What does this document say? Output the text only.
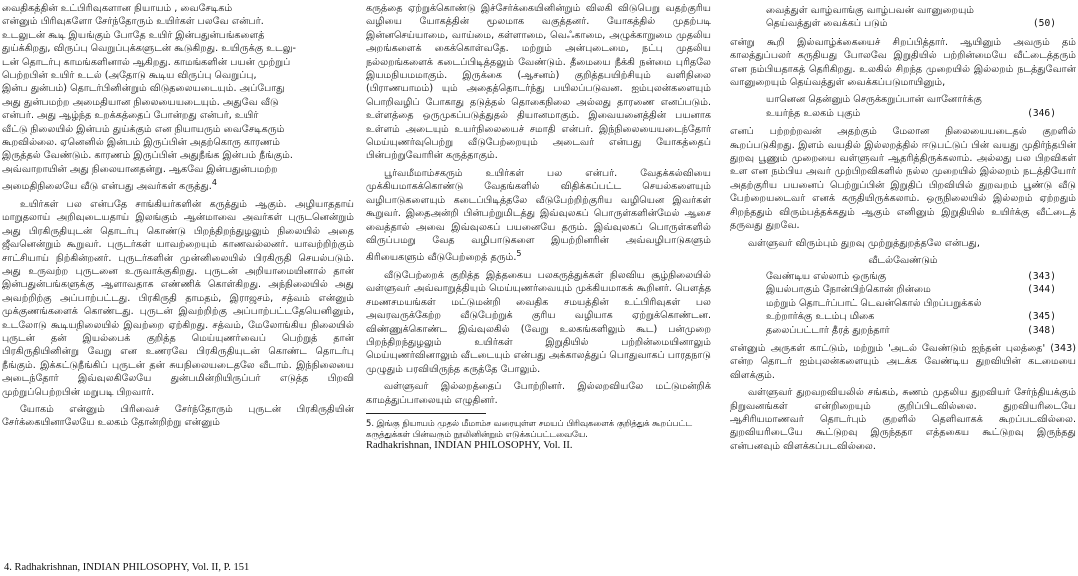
வைதிகத்தின் உட்பிரிவுகளான நியாயம் , வைசேடிகம்
என்னும் பிரிவுகளோ சேர்ந்தோரும் உயிர்கள் பலவே என்பர்.
உடலுடன் கூடி இயங்கும் போதே உயிர் இன்பதுன்பங்களைத்
துய்க்கிறது, விருப்பு வெறுப்புக்களுடன் கூடுகிறது. உயிருக்கு உடலு-
டன் தொடர்பு காமங்களினால் ஆகிறது. காமங்களின் பயன் முற்றுப்
பெற்றபின் உயிர் உடல் (அதோடு கூடிய விருப்பு வெறுப்பு,
இன்ப துன்பம்) தொடர்பினின்றும் விடுதலையடையும். அப்போது
அது துன்பமற்ற அமைதியான நிலையையடையும். அதுவே வீடு
என்பர். அது ஆழ்ந்த உறக்கத்தைப் போன்றது என்பர், உயிர்
வீட்டு நிலையில் இன்பம் துய்க்கும் என நியாயரும் வைசேடிகரும்
கூறவில்லை. ஏனெனில் இன்பம் இருப்பின் அதற்கொரு காரணம்
இருத்தல் வேண்டும். காரணம் இருப்பின் அதுநீங்க இன்பம் நீங்கும்.
அவ்வாறாயின் அது நிலையானதன்று. ஆகவே இன்பதுன்பமற்ற
அமைதிநிலையே வீடு என்பது அவர்கள் கருத்து.$^4$

உயிர்கள் பல என்பதே சாங்கியர்களின் கருத்தும் ஆகும். அழியாததாய் மாறுதலாய் அறிவுடையதாய் இலங்கும் ஆன்மாவை அவர்கள் புருடனென்றும் அது பிரகிருதியுடன் தொடர்பு கொண்டு பிறந்திறந்துழலும் நிலையில் அதை ஜீவனென்றும் கூறுவர். புருடர்கள் யாவற்றையும் காணவல்லனர். யாவற்றிற்கும் சாட்சியாய் நிற்கின்றனர். புருடர்களின் முன்னிலையில் பிரகிருதி செயல்படும். அது உருவற்ற புருடனை உருவாக்குகிறது. புருடன் அறியாமையினால் தான் இன்பதுன்பங்களுக்கு ஆளாவதாக எண்ணிக் கொள்கிறது. அந்நிலையில் அது அவற்றிற்கு அப்பாற்பட்டது. பிரகிருதி தாமதம், இராஜசம், சத்வம் என்னும் முக்குணங்களைக் கொண்டது. புருடன் இவற்றிற்கு அப்பாற்பட்டதேயெனினும், உடலோடு கூடியநிலையில் இவற்றை ஏற்கிறது. சத்வம், மேலோங்கிய நிலையில் புருடன் தன் இயல்பைக் குறித்த மெய்யுணர்வைப் பெற்றுத் தான் பிரகிருதியினின்று வேறு என உணரவே பிரகிருதியுடன் கொண்ட தொடர்பு நீங்கும். இக்கட்டுநீங்கிப் புருடன் தன் சுயநிலையடைதலே வீடாம். இந்நிலையை அடைந்தோர் இவ்வுலகிலேயே துன்பமின்றியிருப்பர் எடுத்த பிறவி முற்றுப்பெற்றபின் மறுபடி பிறவார்.

யோகம் என்னும் பிரிவைச் சேர்ந்தோரும் புருடன் பிரகிருதியின் சேர்க்கையினாலேயே உலகம் தோன்றிற்று என்னும்

4. Radhakrishnan, INDIAN PHILOSOPHY, Vol. II, P. 151

கருத்தை ஏற்றுக்கொண்டு இச்சேர்க்கையினின்றும் விலகி விடுபெறு வதற்குரிய வழியை யோகத்தின் மூலமாக வகுத்தனர். யோகத்தில் முதற்படி இன்னசெய்யாமை, வாய்மை, கள்ளாமை, வெஃகாமை, அழுக்காறுமை முதலிய அறங்களைக் கைக்கொள்வதே. மற்றும் அன்புடைமை, நட்பு முதலிய நல்லறங்களைக் கடைப்பிடித்தலும் வேண்டும். தீமையை நீக்கி நன்மை புரிதலே இயமநியமமாகும். இருக்கை (ஆசனம்) குறித்தபயிற்சியும் வளிநிலை (பிராணயாமம்) யும் அதைத்தொடர்ந்து பயிலப்படுவன. ஐம்புலன்களையும் பொறிவழிப் போகாது தடுத்தல் தொகைநிலை அல்லது தாரணை எனப்படும். உள்ளத்தை ஒருமுகப்படுத்துதல் தியானமாகும். இவையனைத்தின் பயனாக உள்ளம் அடையும் உயர்நிலையைச் சமாதி என்பர். இந்நிலையையடைந்தோர் மெய்யுணர்வுபெற்று வீடுபேற்றையும் அடைவர் என்பது யோகத்தைப் பின்பற்றுவோரின் கருத்தாகும்.

பூர்வமீமாம்சகரும் உயிர்கள் பல என்பர். வேதக்கல்வியை முக்கியமாகக்கொண்டு வேதங்களில் விதிக்கப்பட்ட செயல்களையும் வழிபாடுகளையும் கடைப்பிடித்தலே வீடுபேற்றிற்குரிய வழியென இவர்கள் கூறுவர். இதைஅன்றி பின்பற்றுமிடத்து இவ்வுலகப் பொருள்களின்மேல் ஆசை வைத்தால் அவை இவ்வுலகப் பயனையே தரும். இவ்வுலகப் பொருள்களில் விருப்பமறு வேத வழிபாடுகளை இயற்றினரின் அவ்வழிபாடுகளும் கிரியைகளும் வீடுபேற்றைத் தரும்.$^5$

வீடுபேற்றைக் குறித்த இத்தகைய பலகருத்துக்கள் நிலவிய சூழ்நிலையில் வள்ளுவர் அவ்வாறுத்தியும் மெய்யுணர்வையும் முக்கியமாகக் கூறினர். பௌத்த சமணசமயங்கள் மட்டுமன்றி வைதிக சமயத்தின் உட்பிரிவுகள் பல அவரவருக்கேற்ற வீடுபேற்றுக் குரிய வழியாக ஏற்றுக்கொண்டன. விண்ணுக்கொண்ட இவ்வுலகில் (வேறு உலகங்களிலும் கூட) பன்முறை பிறந்திறந்துழலும் உயிர்கள் இறுதியில் பற்றின்மையினாலும் மெய்யுணர்வினாலும் வீடடையும் என்பது அக்காலத்துப் பொதுவாகப் பாரதநாடு முழுதும் பரவியிருந்த கருத்தே போலும்.

வள்ளுவர் இல்லறத்தைப் போற்றினர். இல்லறவியலே மட்டுமன்றிக் காமத்துப்பாலையும் எழுதினர்.

5. இங்கு நியாயம் முதல் மீமாம்ச வரையுள்ள சமயப் பிரிவுகளைக் குறித்துக் கூறப்பட்ட கருத்துக்கள் பின்வரும் நூலினின்றும் எடுக்கப்பட்டவையே.

Radhakrishnan, INDIAN PHILOSOPHY, Vol. II.

வைத்துள் வாழ்வாங்கு வாழ்பவன் வானுறையும்
தெய்வத்துள் வைக்கப் படும்	(50)

என்று கூறி இல்வாழ்க்கையைச் சிறப்பித்தார். ஆயினும் அவரும் தம் காலத்துப்பலர் கருதியது போலவே இறுதியில் பற்றின்மையே வீட்டைத்தரும் என நம்பியதாகத் தெரிகிறது. உலகில் சிறந்த முறையில் இல்லறம் நடத்துவோன் வானுறையும் தெய்வத்துள் வைக்கப்படுமாயினும்,

யானென தென்னும் செருக்கறுப்பான் வானோர்க்கு
உயர்ந்த உலகம் புகும்	(346)

எனப் பற்றற்றவன் அதற்கும் மேலான நிலையையடைதல் குறளில் கூறப்படுகிறது. இளம் வயதில் இல்லறத்தில் ஈடுபட்டுப் பின் வயது முதிர்ந்தபின் துறவு பூணும் முறையை வள்ளுவர் ஆதரித்திருக்கலாம். அல்லது பல பிறவிகள் உள என நம்பிய அவர் முற்பிறவிகளில் நல்ல முறையில் இல்லறம் நடத்தியோர் அதற்குரிய பயனைப் பெற்றுப்பின் இறுதிப் பிறவியில் துறவறம் பூண்டு வீடு பேற்றையடைவர் எனக் கருதியிருக்கலாம். ஒருநிலையில் இல்லறம் ஏற்றதும் சிறந்ததும் விரும்பத்தக்கதும் ஆகும் எனினும் இறுதியில் உயிர்க்கு வீட்டைத் தருவது துறவே.

வள்ளுவர் விரும்பும் துறவு முற்றுத்துறத்தலே என்பது,

வீடல்வேண்டும்
வேண்டிய எல்லாம் ஒருங்கு	(343)
இயல்பாகும் நோன்பிற்கொன் றின்மை	(344)
மற்றும் தொடர்ப்பாட் டெவன்கொல் பிறப்பறுக்கல்
உற்றார்க்கு உடம்பு மிகை	(345)
தலைப்பட்டார் தீரத் துறந்தார்	(348)

என்னும் அருகள் காட்டும், மற்றும் 'அடல் வேண்டும் ஐந்தன் புலத்தை' (343) என்ற தொடர் ஐம்புலன்களையும் அடக்க வேண்டிய துறவியின் கடமையை விளக்கும்.

வள்ளுவர் துறவறவியலில் சங்கம், சுணம் முதலிய துறவியர் சேர்ந்தியக்கும் நிறுவனங்கள் என்றிறையும் குறிப்பிடவில்லை. துறவியரிடையே ஆசிரியமாணவர் தொடர்பும் குறளில் தெளிவாகக் கூறப்படவில்லை. துறவியரிடையே கூட்டுறவு இருந்ததா எத்தகைய கூட்டுறவு இருந்தது என்பனவும் விளக்கப்படவில்லை.
